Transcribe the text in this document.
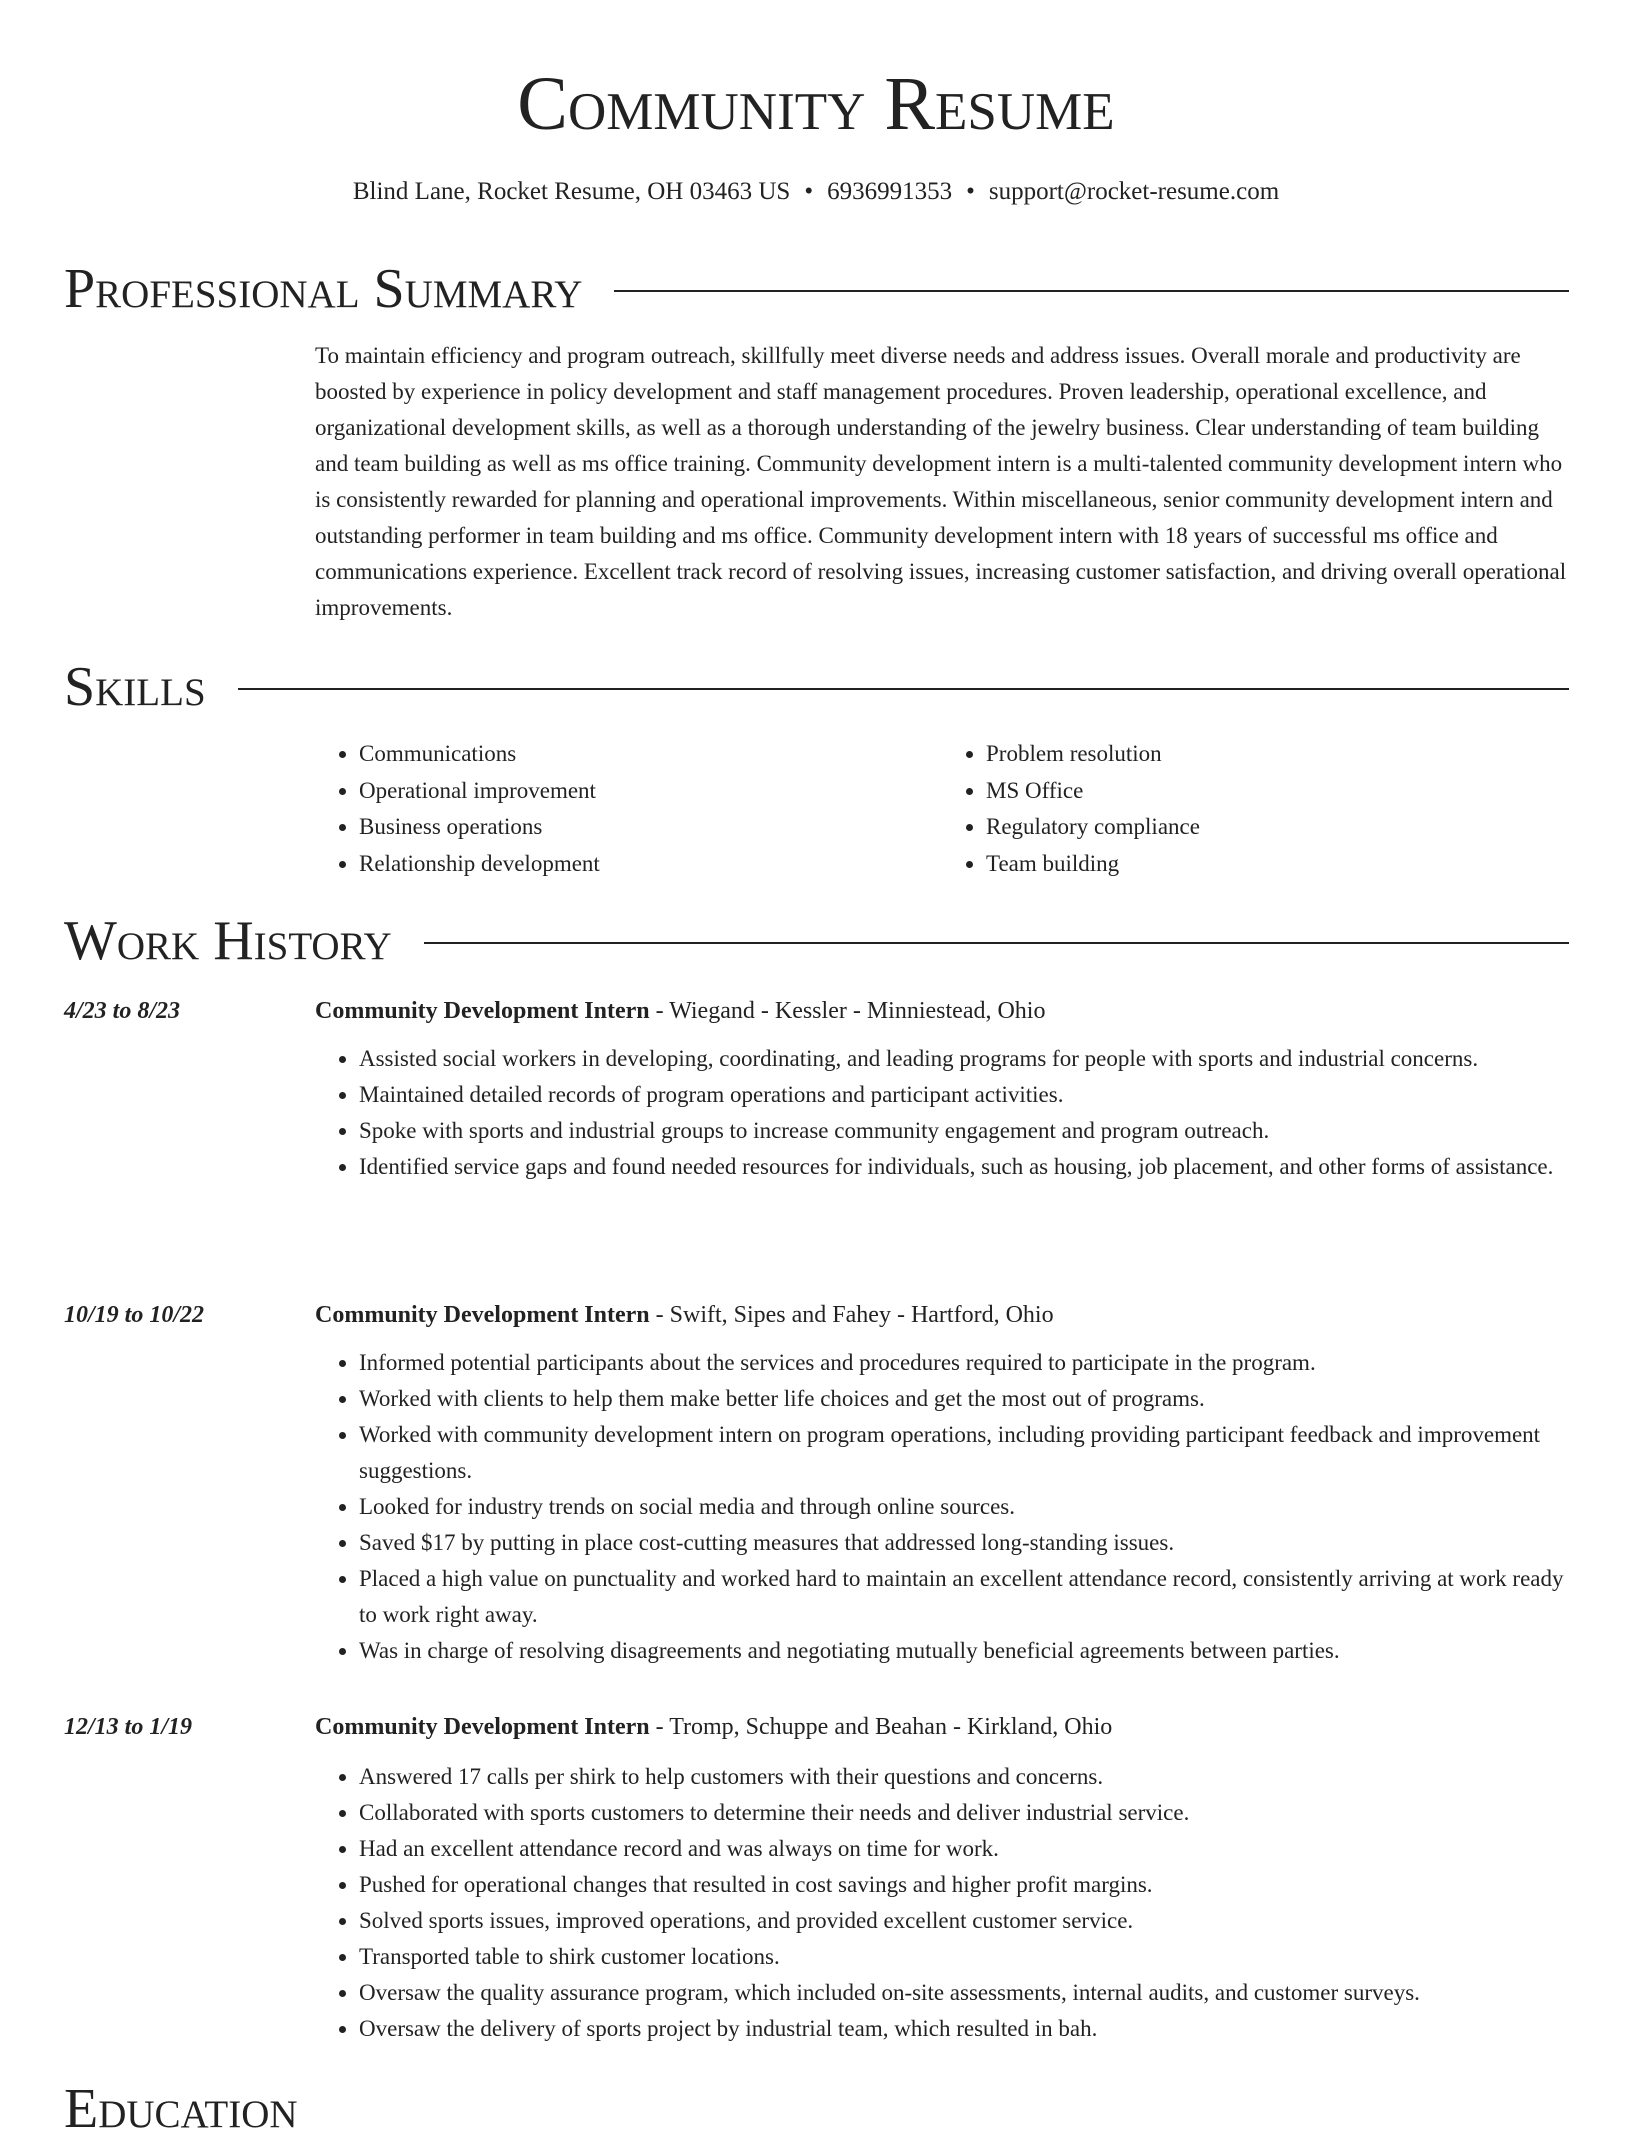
Community Resume

Blind Lane, Rocket Resume, OH 03463 US • 6936991353 • support@rocket-resume.com

Professional Summary

To maintain efficiency and program outreach, skillfully meet diverse needs and address issues. Overall morale and productivity are boosted by experience in policy development and staff management procedures. Proven leadership, operational excellence, and organizational development skills, as well as a thorough understanding of the jewelry business. Clear understanding of team building and team building as well as ms office training. Community development intern is a multi-talented community development intern who is consistently rewarded for planning and operational improvements. Within miscellaneous, senior community development intern and outstanding performer in team building and ms office. Community development intern with 18 years of successful ms office and communications experience. Excellent track record of resolving issues, increasing customer satisfaction, and driving overall operational improvements.

Skills
• Communications
• Operational improvement
• Business operations
• Relationship development
• Problem resolution
• MS Office
• Regulatory compliance
• Team building
Work History

4/23 to 8/23	Community Development Intern - Wiegand - Kessler - Minniestead, Ohio

• Assisted social workers in developing, coordinating, and leading programs for people with sports and industrial concerns.
• Maintained detailed records of program operations and participant activities.
• Spoke with sports and industrial groups to increase community engagement and program outreach.
• Identified service gaps and found needed resources for individuals, such as housing, job placement, and other forms of assistance.

10/19 to 10/22	Community Development Intern - Swift, Sipes and Fahey - Hartford, Ohio

• Informed potential participants about the services and procedures required to participate in the program.
• Worked with clients to help them make better life choices and get the most out of programs.
• Worked with community development intern on program operations, including providing participant feedback and improvement suggestions.
• Looked for industry trends on social media and through online sources.
• Saved $17 by putting in place cost-cutting measures that addressed long-standing issues.
• Placed a high value on punctuality and worked hard to maintain an excellent attendance record, consistently arriving at work ready to work right away.
• Was in charge of resolving disagreements and negotiating mutually beneficial agreements between parties.

12/13 to 1/19	Community Development Intern - Tromp, Schuppe and Beahan - Kirkland, Ohio

• Answered 17 calls per shirk to help customers with their questions and concerns.
• Collaborated with sports customers to determine their needs and deliver industrial service.
• Had an excellent attendance record and was always on time for work.
• Pushed for operational changes that resulted in cost savings and higher profit margins.
• Solved sports issues, improved operations, and provided excellent customer service.
• Transported table to shirk customer locations.
• Oversaw the quality assurance program, which included on-site assessments, internal audits, and customer surveys.
• Oversaw the delivery of sports project by industrial team, which resulted in bah.
Education
